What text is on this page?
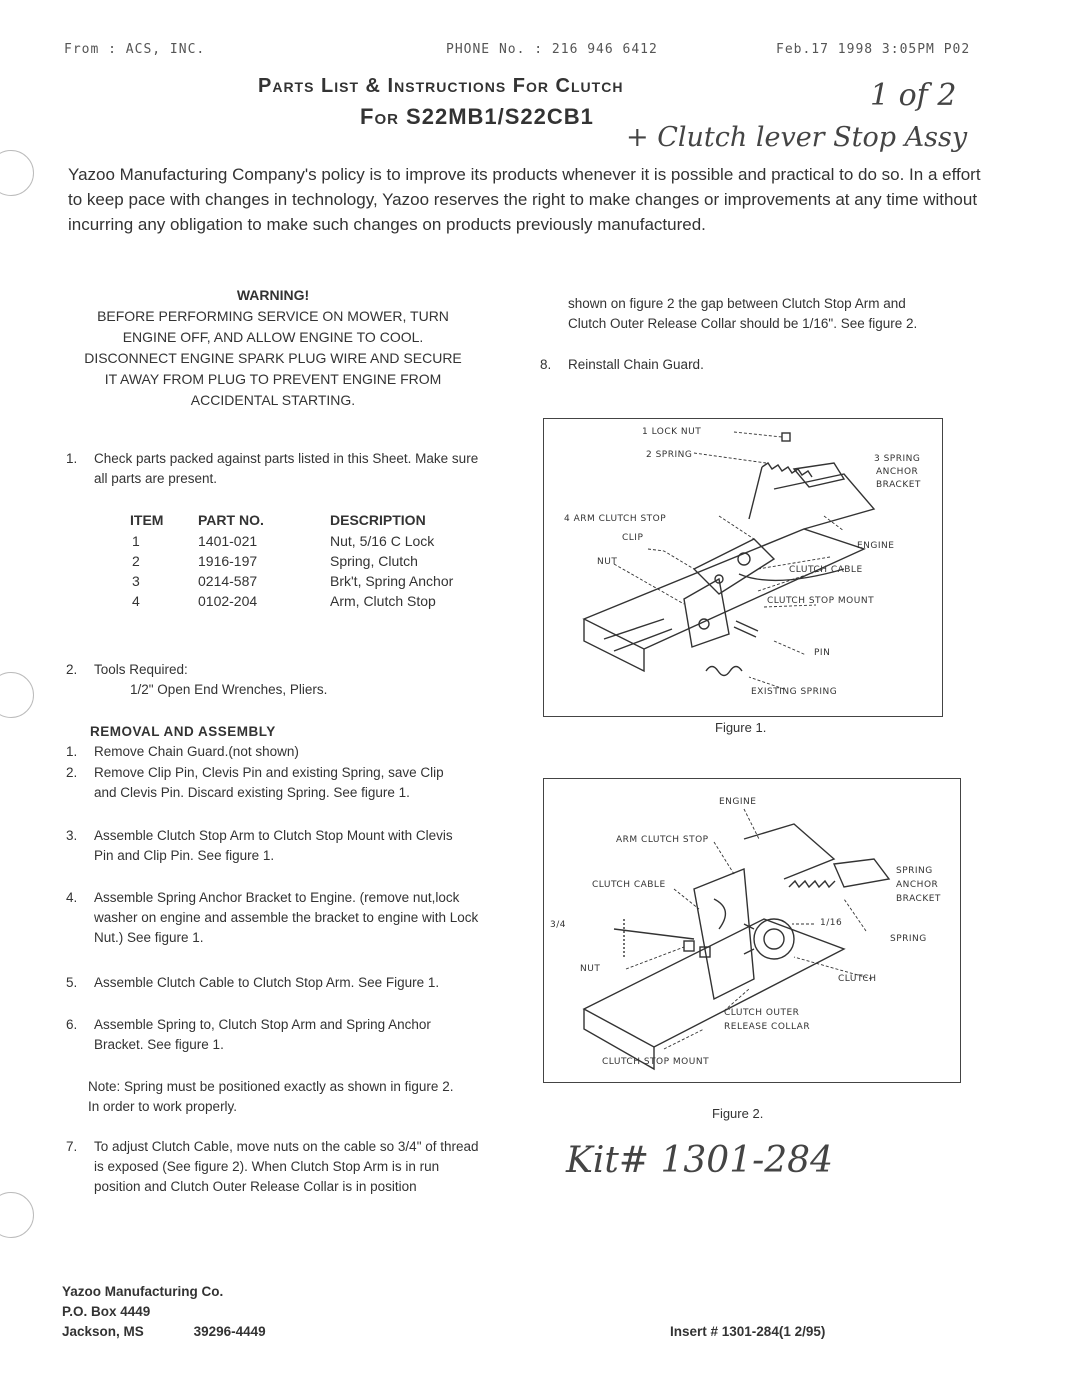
From : ACS, INC.	PHONE No. : 216 946 6412	Feb.17 1998 3:05PM P02
Parts List & Instructions For Clutch
For S22MB1/S22CB1
1 of 2
+ Clutch lever Stop Assy
Yazoo Manufacturing Company's policy is to improve its products whenever it is possible and practical to do so. In a effort to keep pace with changes in technology, Yazoo reserves the right to make changes or improvements at any time without incurring any obligation to make such changes on products previously manufactured.
WARNING!
BEFORE PERFORMING SERVICE ON MOWER, TURN ENGINE OFF, AND ALLOW ENGINE TO COOL. DISCONNECT ENGINE SPARK PLUG WIRE AND SECURE IT AWAY FROM PLUG TO PREVENT ENGINE FROM ACCIDENTAL STARTING.
1. Check parts packed against parts listed in this Sheet. Make sure all parts are present.
ITEM	PART NO.	DESCRIPTION
1	1401-021	Nut, 5/16 C Lock
2	1916-197	Spring, Clutch
3	0214-587	Brk't, Spring Anchor
4	0102-204	Arm, Clutch Stop
2. Tools Required:
1/2" Open End Wrenches, Pliers.
REMOVAL AND ASSEMBLY
1. Remove Chain Guard.(not shown)
2. Remove Clip Pin, Clevis Pin and existing Spring, save Clip and Clevis Pin. Discard existing Spring. See figure 1.
3. Assemble Clutch Stop Arm to Clutch Stop Mount with Clevis Pin and Clip Pin. See figure 1.
4. Assemble Spring Anchor Bracket to Engine. (remove nut,lock washer on engine and assemble the bracket to engine with Lock Nut.) See figure 1.
5. Assemble Clutch Cable to Clutch Stop Arm. See Figure 1.
6. Assemble Spring to, Clutch Stop Arm and Spring Anchor Bracket. See figure 1.
Note: Spring must be positioned exactly as shown in figure 2. In order to work properly.
7. To adjust Clutch Cable, move nuts on the cable so 3/4" of thread is exposed (See figure 2). When Clutch Stop Arm is in run position and Clutch Outer Release Collar is in position
shown on figure 2 the gap between Clutch Stop Arm and Clutch Outer Release Collar should be 1/16". See figure 2.
8. Reinstall Chain Guard.
1 LOCK NUT
2 SPRING	3 SPRING
ANCHOR
BRACKET
4 ARM CLUTCH STOP
CLIP
NUT
ENGINE
CLUTCH CABLE
CLUTCH STOP MOUNT
PIN
EXISTING SPRING
Figure 1.
ENGINE
ARM CLUTCH STOP
CLUTCH CABLE
3/4	1/16
NUT
SPRING
ANCHOR
BRACKET
SPRING
CLUTCH
CLUTCH OUTER
RELEASE COLLAR
CLUTCH STOP MOUNT
Figure 2.
Kit# 1301-284
Yazoo Manufacturing Co.
P.O. Box 4449
Jackson, MS	39296-4449	Insert # 1301-284(1 2/95)
